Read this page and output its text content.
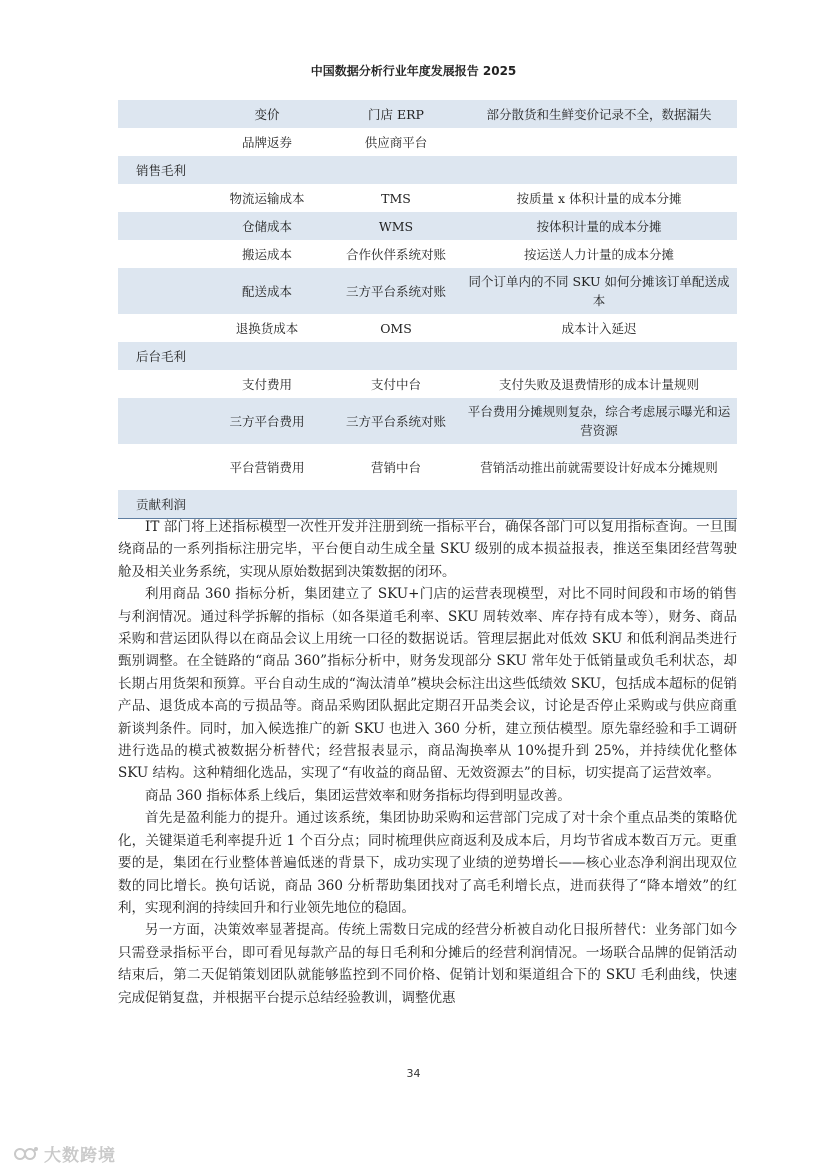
中国数据分析行业年度发展报告 2025
	变价	门店 ERP	部分散货和生鲜变价记录不全，数据漏失
	品牌返券	供应商平台	
销售毛利			
	物流运输成本	TMS	按质量 x 体积计量的成本分摊
	仓储成本	WMS	按体积计量的成本分摊
	搬运成本	合作伙伴系统对账	按运送人力计量的成本分摊
	配送成本	三方平台系统对账	同个订单内的不同 SKU 如何分摊该订单配送成本
	退换货成本	OMS	成本计入延迟
后台毛利			
	支付费用	支付中台	支付失败及退费情形的成本计量规则
	三方平台费用	三方平台系统对账	平台费用分摊规则复杂，综合考虑展示曝光和运营资源
	平台营销费用	营销中台	营销活动推出前就需要设计好成本分摊规则
贡献利润			

IT 部门将上述指标模型一次性开发并注册到统一指标平台，确保各部门可以复用指标查询。一旦围绕商品的一系列指标注册完毕，平台便自动生成全量 SKU 级别的成本损益报表，推送至集团经营驾驶舱及相关业务系统，实现从原始数据到决策数据的闭环。

利用商品 360 指标分析，集团建立了 SKU+门店的运营表现模型，对比不同时间段和市场的销售与利润情况。通过科学拆解的指标（如各渠道毛利率、SKU 周转效率、库存持有成本等），财务、商品采购和营运团队得以在商品会议上用统一口径的数据说话。管理层据此对低效 SKU 和低利润品类进行甄别调整。在全链路的“商品 360”指标分析中，财务发现部分 SKU 常年处于低销量或负毛利状态，却长期占用货架和预算。平台自动生成的“淘汰清单”模块会标注出这些低绩效 SKU，包括成本超标的促销产品、退货成本高的亏损品等。商品采购团队据此定期召开品类会议，讨论是否停止采购或与供应商重新谈判条件。同时，加入候选推广的新 SKU 也进入 360 分析，建立预估模型。原先靠经验和手工调研进行选品的模式被数据分析替代；经营报表显示，商品淘换率从 10%提升到 25%，并持续优化整体 SKU 结构。这种精细化选品，实现了“有收益的商品留、无效资源去”的目标，切实提高了运营效率。

商品 360 指标体系上线后，集团运营效率和财务指标均得到明显改善。

首先是盈利能力的提升。通过该系统，集团协助采购和运营部门完成了对十余个重点品类的策略优化，关键渠道毛利率提升近 1 个百分点；同时梳理供应商返利及成本后，月均节省成本数百万元。更重要的是，集团在行业整体普遍低迷的背景下，成功实现了业绩的逆势增长——核心业态净利润出现双位数的同比增长。换句话说，商品 360 分析帮助集团找对了高毛利增长点，进而获得了“降本增效”的红利，实现利润的持续回升和行业领先地位的稳固。

另一方面，决策效率显著提高。传统上需数日完成的经营分析被自动化日报所替代：业务部门如今只需登录指标平台，即可看见每款产品的每日毛利和分摊后的经营利润情况。一场联合品牌的促销活动结束后，第二天促销策划团队就能够监控到不同价格、促销计划和渠道组合下的 SKU 毛利曲线，快速完成促销复盘，并根据平台提示总结经验教训，调整优惠

34
大数跨境
